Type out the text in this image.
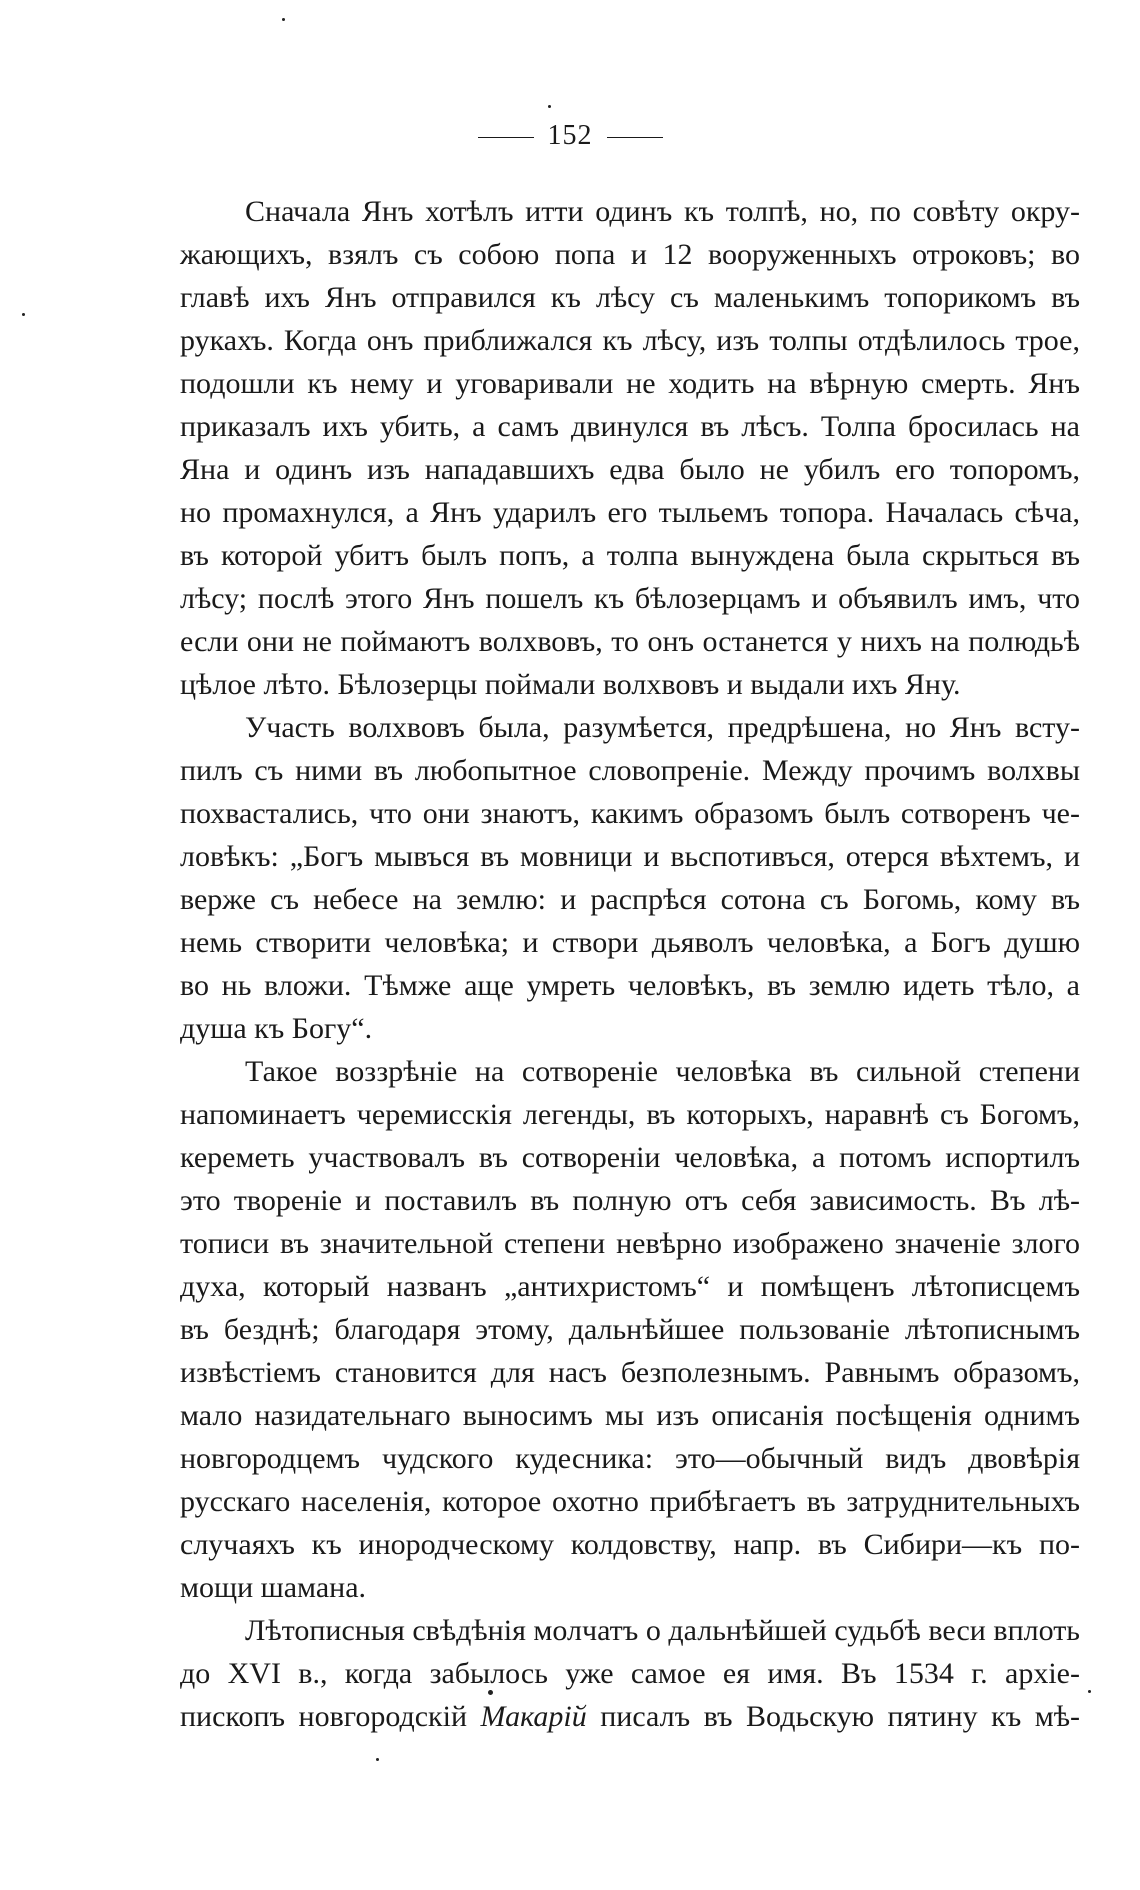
152
Сначала Янъ хотѣлъ итти одинъ къ толпѣ, но, по совѣту окру-
жающихъ, взялъ съ собою попа и 12 вооруженныхъ отроковъ; во
главѣ ихъ Янъ отправился къ лѣсу съ маленькимъ топорикомъ въ
рукахъ. Когда онъ приближался къ лѣсу, изъ толпы отдѣлилось трое,
подошли къ нему и уговаривали не ходить на вѣрную смерть. Янъ
приказалъ ихъ убить, а самъ двинулся въ лѣсъ. Толпа бросилась на
Яна и одинъ изъ нападавшихъ едва было не убилъ его топоромъ,
но промахнулся, а Янъ ударилъ его тыльемъ топора. Началась сѣча,
въ которой убитъ былъ попъ, а толпа вынуждена была скрыться въ
лѣсу; послѣ этого Янъ пошелъ къ бѣлозерцамъ и объявилъ имъ, что
если они не поймаютъ волхвовъ, то онъ останется у нихъ на полюдьѣ
цѣлое лѣто. Бѣлозерцы поймали волхвовъ и выдали ихъ Яну.
Участь волхвовъ была, разумѣется, предрѣшена, но Янъ всту-
пилъ съ ними въ любопытное словопреніе. Между прочимъ волхвы
похвастались, что они знаютъ, какимъ образомъ былъ сотворенъ че-
ловѣкъ: „Богъ мывъся въ мовници и вьспотивъся, отерся вѣхтемъ, и
верже съ небесе на землю: и распрѣся сотона съ Богомь, кому въ
немь створити человѣка; и створи дьяволъ человѣка, а Богъ душю
во нь вложи. Тѣмже аще умреть человѣкъ, въ землю идеть тѣло, а
душа къ Богу“.
Такое воззрѣніе на сотвореніе человѣка въ сильной степени
напоминаетъ черемисскія легенды, въ которыхъ, наравнѣ съ Богомъ,
кереметь участвовалъ въ сотвореніи человѣка, а потомъ испортилъ
это твореніе и поставилъ въ полную отъ себя зависимость. Въ лѣ-
тописи въ значительной степени невѣрно изображено значеніе злого
духа, который названъ „антихристомъ“ и помѣщенъ лѣтописцемъ
въ безднѣ; благодаря этому, дальнѣйшее пользованіе лѣтописнымъ
извѣстіемъ становится для насъ безполезнымъ. Равнымъ образомъ,
мало назидательнаго выносимъ мы изъ описанія посѣщенія однимъ
новгородцемъ чудского кудесника: это—обычный видъ двовѣрія
русскаго населенія, которое охотно прибѣгаетъ въ затруднительныхъ
случаяхъ къ инородческому колдовству, напр. въ Сибири—къ по-
мощи шамана.
Лѣтописныя свѣдѣнія молчатъ о дальнѣйшей судьбѣ веси вплоть
до XVI в., когда забылось уже самое ея имя. Въ 1534 г. архіе-
пископъ новгородскій Макарій писалъ въ Водьскую пятину къ мѣ-
